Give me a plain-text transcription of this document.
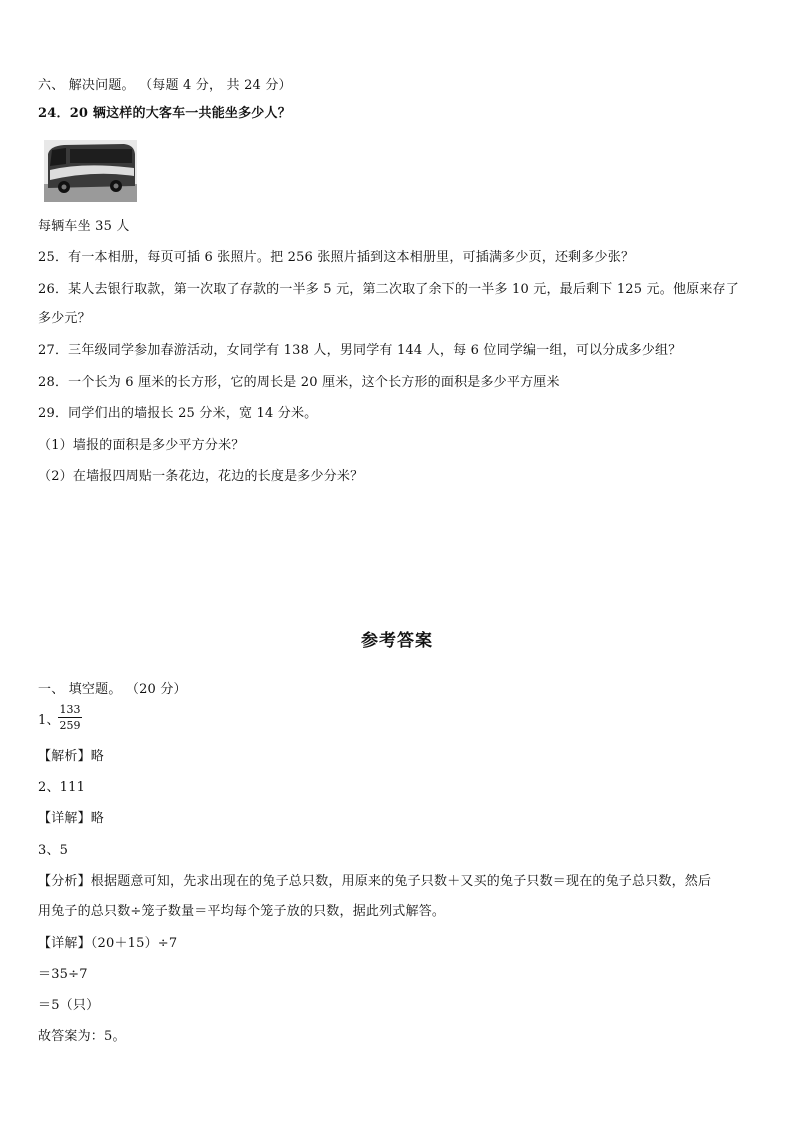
六、 解决问题。 （每题 4 分， 共 24 分）
24．20 辆这样的大客车一共能坐多少人？
每辆车坐 35 人
25．有一本相册，每页可插 6 张照片。把 256 张照片插到这本相册里，可插满多少页，还剩多少张？
26．某人去银行取款，第一次取了存款的一半多 5 元，第二次取了余下的一半多 10 元，最后剩下 125 元。他原来存了
多少元？
27．三年级同学参加春游活动，女同学有 138 人，男同学有 144 人，每 6 位同学编一组，可以分成多少组？
28．一个长为 6 厘米的长方形，它的周长是 20 厘米，这个长方形的面积是多少平方厘米
29．同学们出的墙报长 25 分米，宽 14 分米。
（1）墙报的面积是多少平方分米？
（2）在墙报四周贴一条花边，花边的长度是多少分米？
参考答案
一、 填空题。 （20 分）
1、
$\frac{133}{259}$
【解析】略
2、111
【详解】略
3、5
【分析】根据题意可知，先求出现在的兔子总只数，用原来的兔子只数＋又买的兔子只数＝现在的兔子总只数，然后
用兔子的总只数÷笼子数量＝平均每个笼子放的只数，据此列式解答。
【详解】（20＋15）÷7
＝35÷7
＝5（只）
故答案为：5。
